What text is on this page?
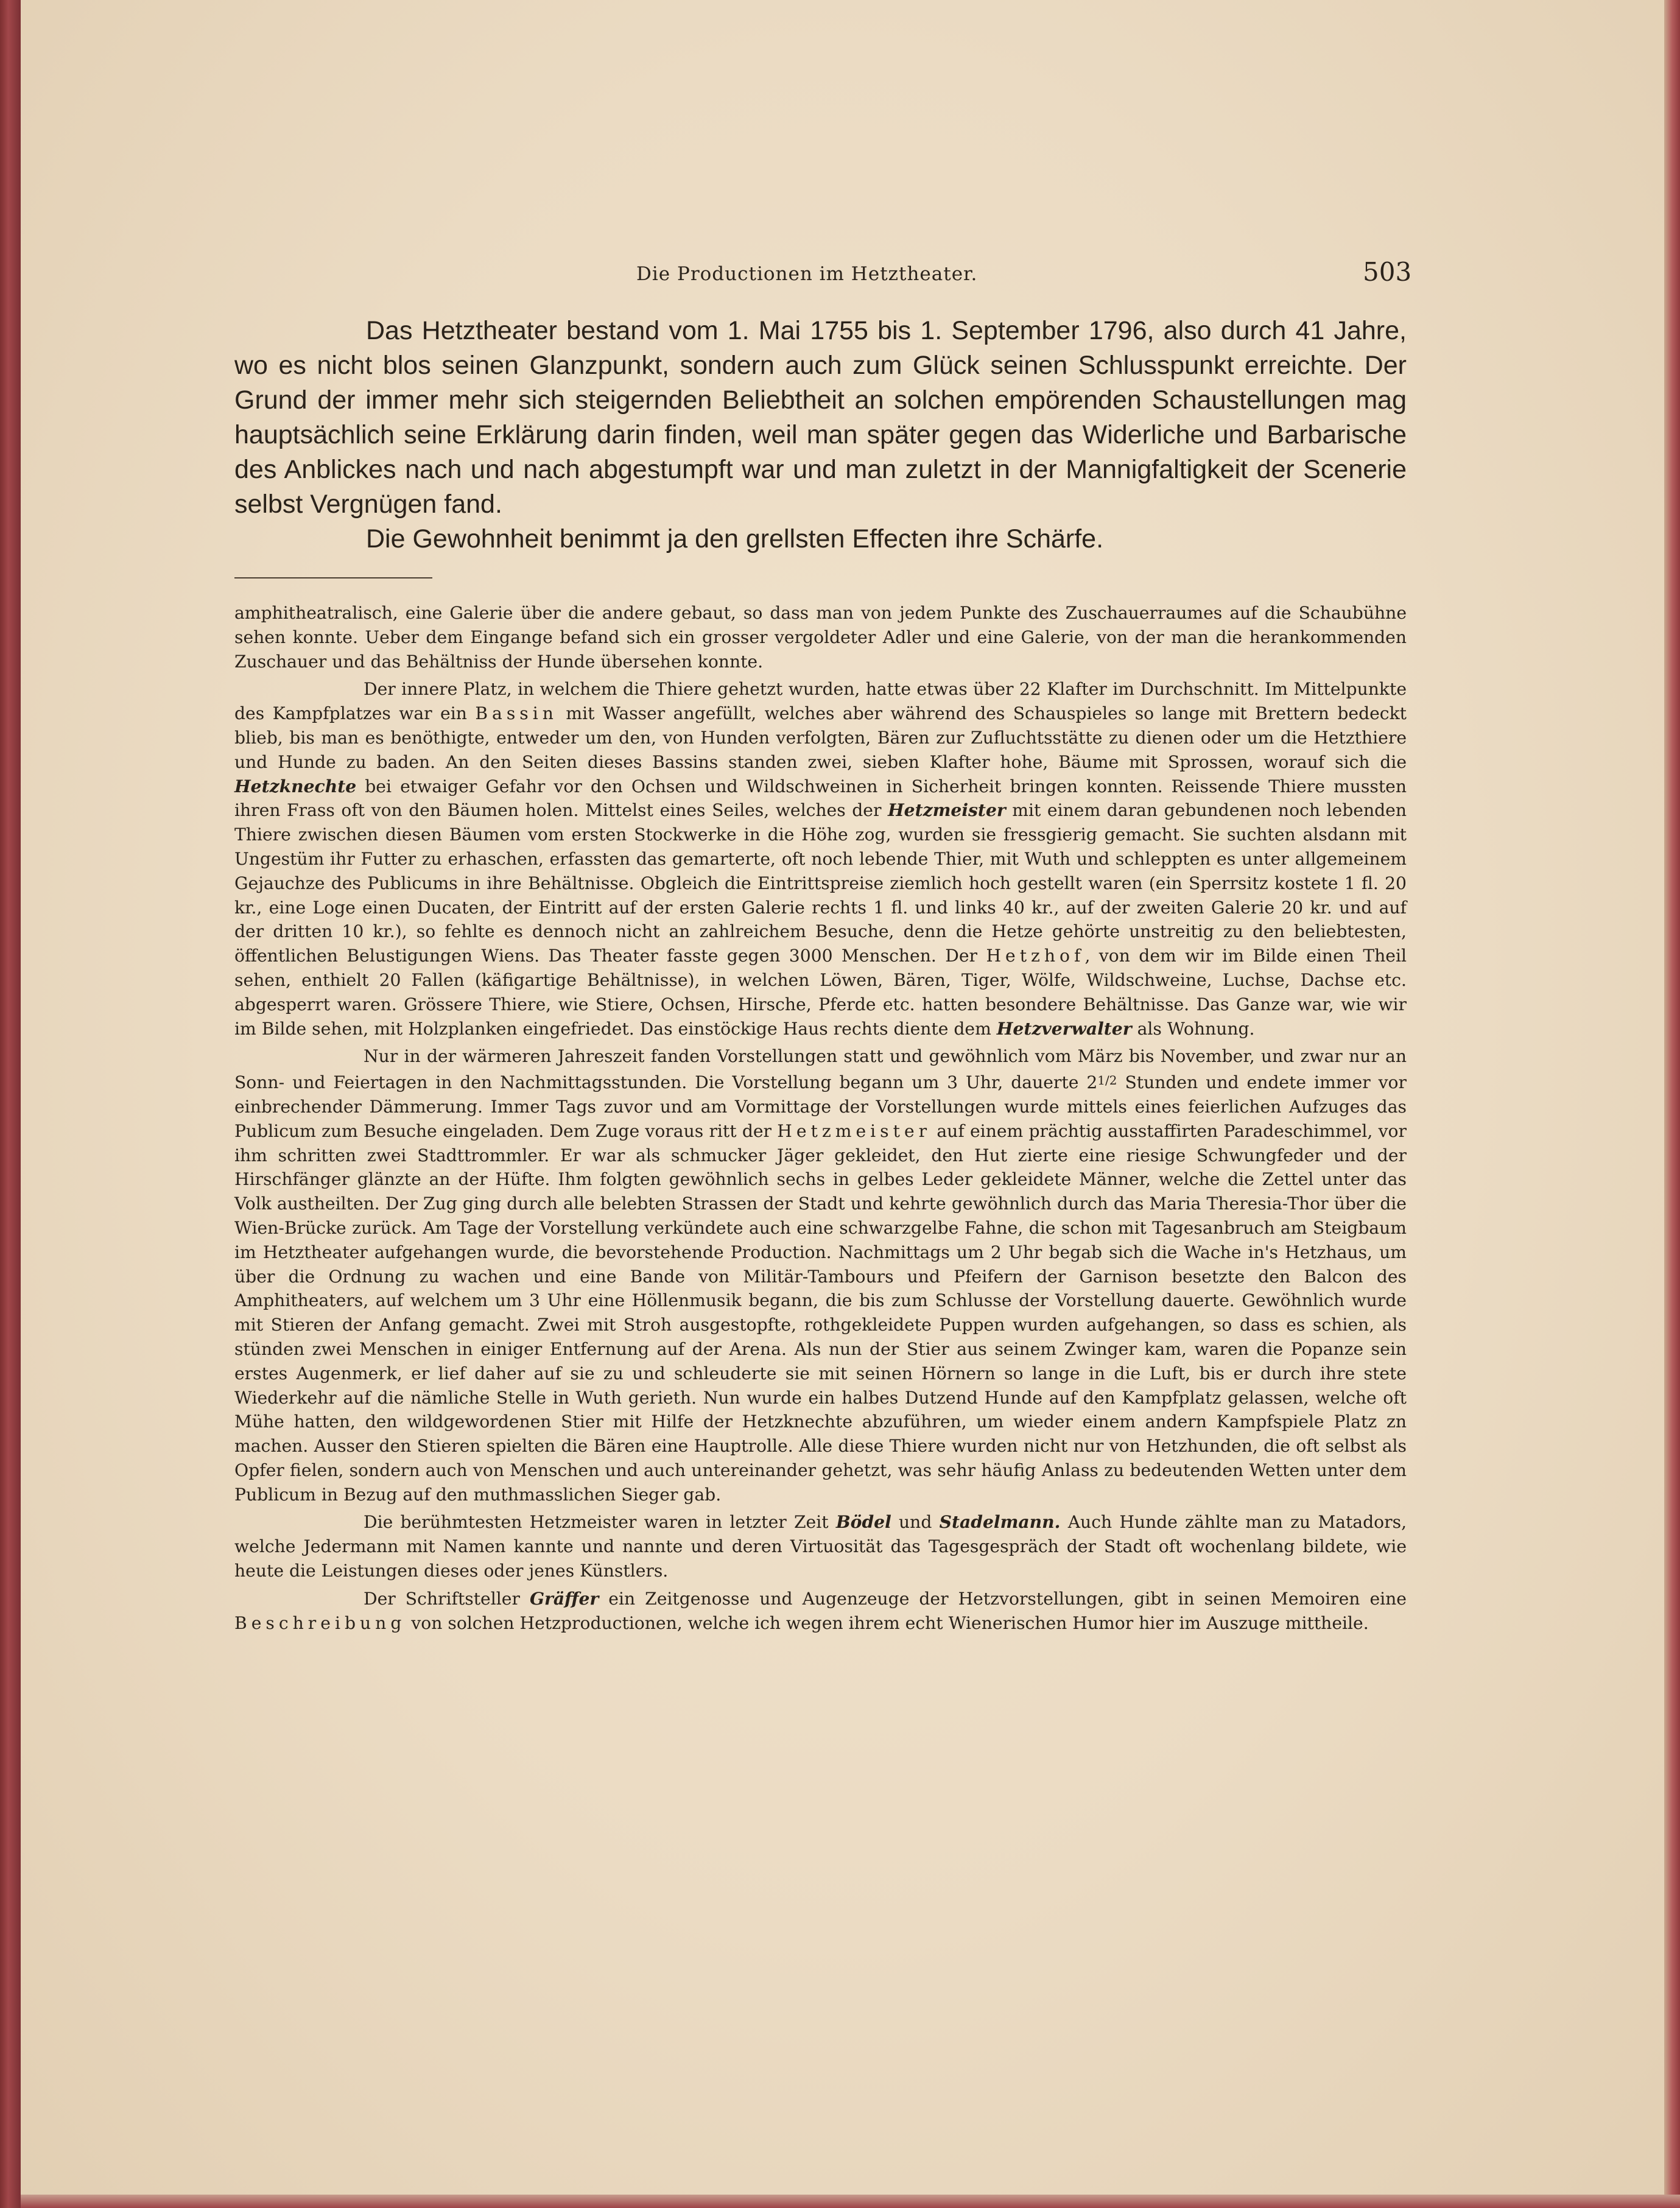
Die Productionen im Hetztheater.	503

Das Hetztheater bestand vom 1. Mai 1755 bis 1. September 1796, also durch 41 Jahre, wo es nicht blos seinen Glanzpunkt, sondern auch zum Glück seinen Schlusspunkt erreichte. Der Grund der immer mehr sich steigernden Beliebtheit an solchen empörenden Schaustellungen mag hauptsächlich seine Erklärung darin finden, weil man später gegen das Widerliche und Barbarische des Anblickes nach und nach abgestumpft war und man zuletzt in der Mannigfaltigkeit der Scenerie selbst Vergnügen fand.

Die Gewohnheit benimmt ja den grellsten Effecten ihre Schärfe.

amphitheatralisch, eine Galerie über die andere gebaut, so dass man von jedem Punkte des Zuschauerraumes auf die Schaubühne sehen konnte. Ueber dem Eingange befand sich ein grosser vergoldeter Adler und eine Galerie, von der man die herankommenden Zuschauer und das Behältniss der Hunde übersehen konnte.

Der innere Platz, in welchem die Thiere gehetzt wurden, hatte etwas über 22 Klafter im Durchschnitt. Im Mittelpunkte des Kampfplatzes war ein Bassin mit Wasser angefüllt, welches aber während des Schauspieles so lange mit Brettern bedeckt blieb, bis man es benöthigte, entweder um den, von Hunden verfolgten, Bären zur Zufluchtsstätte zu dienen oder um die Hetzthiere und Hunde zu baden. An den Seiten dieses Bassins standen zwei, sieben Klafter hohe, Bäume mit Sprossen, worauf sich die Hetzknechte bei etwaiger Gefahr vor den Ochsen und Wildschweinen in Sicherheit bringen konnten. Reissende Thiere mussten ihren Frass oft von den Bäumen holen. Mittelst eines Seiles, welches der Hetzmeister mit einem daran gebundenen noch lebenden Thiere zwischen diesen Bäumen vom ersten Stockwerke in die Höhe zog, wurden sie fressgierig gemacht. Sie suchten alsdann mit Ungestüm ihr Futter zu erhaschen, erfassten das gemarterte, oft noch lebende Thier, mit Wuth und schleppten es unter allgemeinem Gejauchze des Publicums in ihre Behältnisse. Obgleich die Eintrittspreise ziemlich hoch gestellt waren (ein Sperrsitz kostete 1 fl. 20 kr., eine Loge einen Ducaten, der Eintritt auf der ersten Galerie rechts 1 fl. und links 40 kr., auf der zweiten Galerie 20 kr. und auf der dritten 10 kr.), so fehlte es dennoch nicht an zahlreichem Besuche, denn die Hetze gehörte unstreitig zu den beliebtesten, öffentlichen Belustigungen Wiens. Das Theater fasste gegen 3000 Menschen. Der Hetzhof, von dem wir im Bilde einen Theil sehen, enthielt 20 Fallen (käfigartige Behältnisse), in welchen Löwen, Bären, Tiger, Wölfe, Wildschweine, Luchse, Dachse etc. abgesperrt waren. Grössere Thiere, wie Stiere, Ochsen, Hirsche, Pferde etc. hatten besondere Behältnisse. Das Ganze war, wie wir im Bilde sehen, mit Holzplanken eingefriedet. Das einstöckige Haus rechts diente dem Hetzverwalter als Wohnung.

Nur in der wärmeren Jahreszeit fanden Vorstellungen statt und gewöhnlich vom März bis November, und zwar nur an Sonn- und Feiertagen in den Nachmittagsstunden. Die Vorstellung begann um 3 Uhr, dauerte $2^{1/2}$ Stunden und endete immer vor einbrechender Dämmerung. Immer Tags zuvor und am Vormittage der Vorstellungen wurde mittels eines feierlichen Aufzuges das Publicum zum Besuche eingeladen. Dem Zuge voraus ritt der Hetzmeister auf einem prächtig ausstaffirten Paradeschimmel, vor ihm schritten zwei Stadttrommler. Er war als schmucker Jäger gekleidet, den Hut zierte eine riesige Schwungfeder und der Hirschfänger glänzte an der Hüfte. Ihm folgten gewöhnlich sechs in gelbes Leder gekleidete Männer, welche die Zettel unter das Volk austheilten. Der Zug ging durch alle belebten Strassen der Stadt und kehrte gewöhnlich durch das Maria Theresia-Thor über die Wien-Brücke zurück. Am Tage der Vorstellung verkündete auch eine schwarzgelbe Fahne, die schon mit Tagesanbruch am Steigbaum im Hetztheater aufgehangen wurde, die bevorstehende Production. Nachmittags um 2 Uhr begab sich die Wache in's Hetzhaus, um über die Ordnung zu wachen und eine Bande von Militär-Tambours und Pfeifern der Garnison besetzte den Balcon des Amphitheaters, auf welchem um 3 Uhr eine Höllenmusik begann, die bis zum Schlusse der Vorstellung dauerte. Gewöhnlich wurde mit Stieren der Anfang gemacht. Zwei mit Stroh ausgestopfte, rothgekleidete Puppen wurden aufgehangen, so dass es schien, als stünden zwei Menschen in einiger Entfernung auf der Arena. Als nun der Stier aus seinem Zwinger kam, waren die Popanze sein erstes Augenmerk, er lief daher auf sie zu und schleuderte sie mit seinen Hörnern so lange in die Luft, bis er durch ihre stete Wiederkehr auf die nämliche Stelle in Wuth gerieth. Nun wurde ein halbes Dutzend Hunde auf den Kampfplatz gelassen, welche oft Mühe hatten, den wildgewordenen Stier mit Hilfe der Hetzknechte abzuführen, um wieder einem andern Kampfspiele Platz zn machen. Ausser den Stieren spielten die Bären eine Hauptrolle. Alle diese Thiere wurden nicht nur von Hetzhunden, die oft selbst als Opfer fielen, sondern auch von Menschen und auch untereinander gehetzt, was sehr häufig Anlass zu bedeutenden Wetten unter dem Publicum in Bezug auf den muthmasslichen Sieger gab.

Die berühmtesten Hetzmeister waren in letzter Zeit Bödel und Stadelmann. Auch Hunde zählte man zu Matadors, welche Jedermann mit Namen kannte und nannte und deren Virtuosität das Tagesgespräch der Stadt oft wochenlang bildete, wie heute die Leistungen dieses oder jenes Künstlers.

Der Schriftsteller Gräffer ein Zeitgenosse und Augenzeuge der Hetzvorstellungen, gibt in seinen Memoiren eine Beschreibung von solchen Hetzproductionen, welche ich wegen ihrem echt Wienerischen Humor hier im Auszuge mittheile.
